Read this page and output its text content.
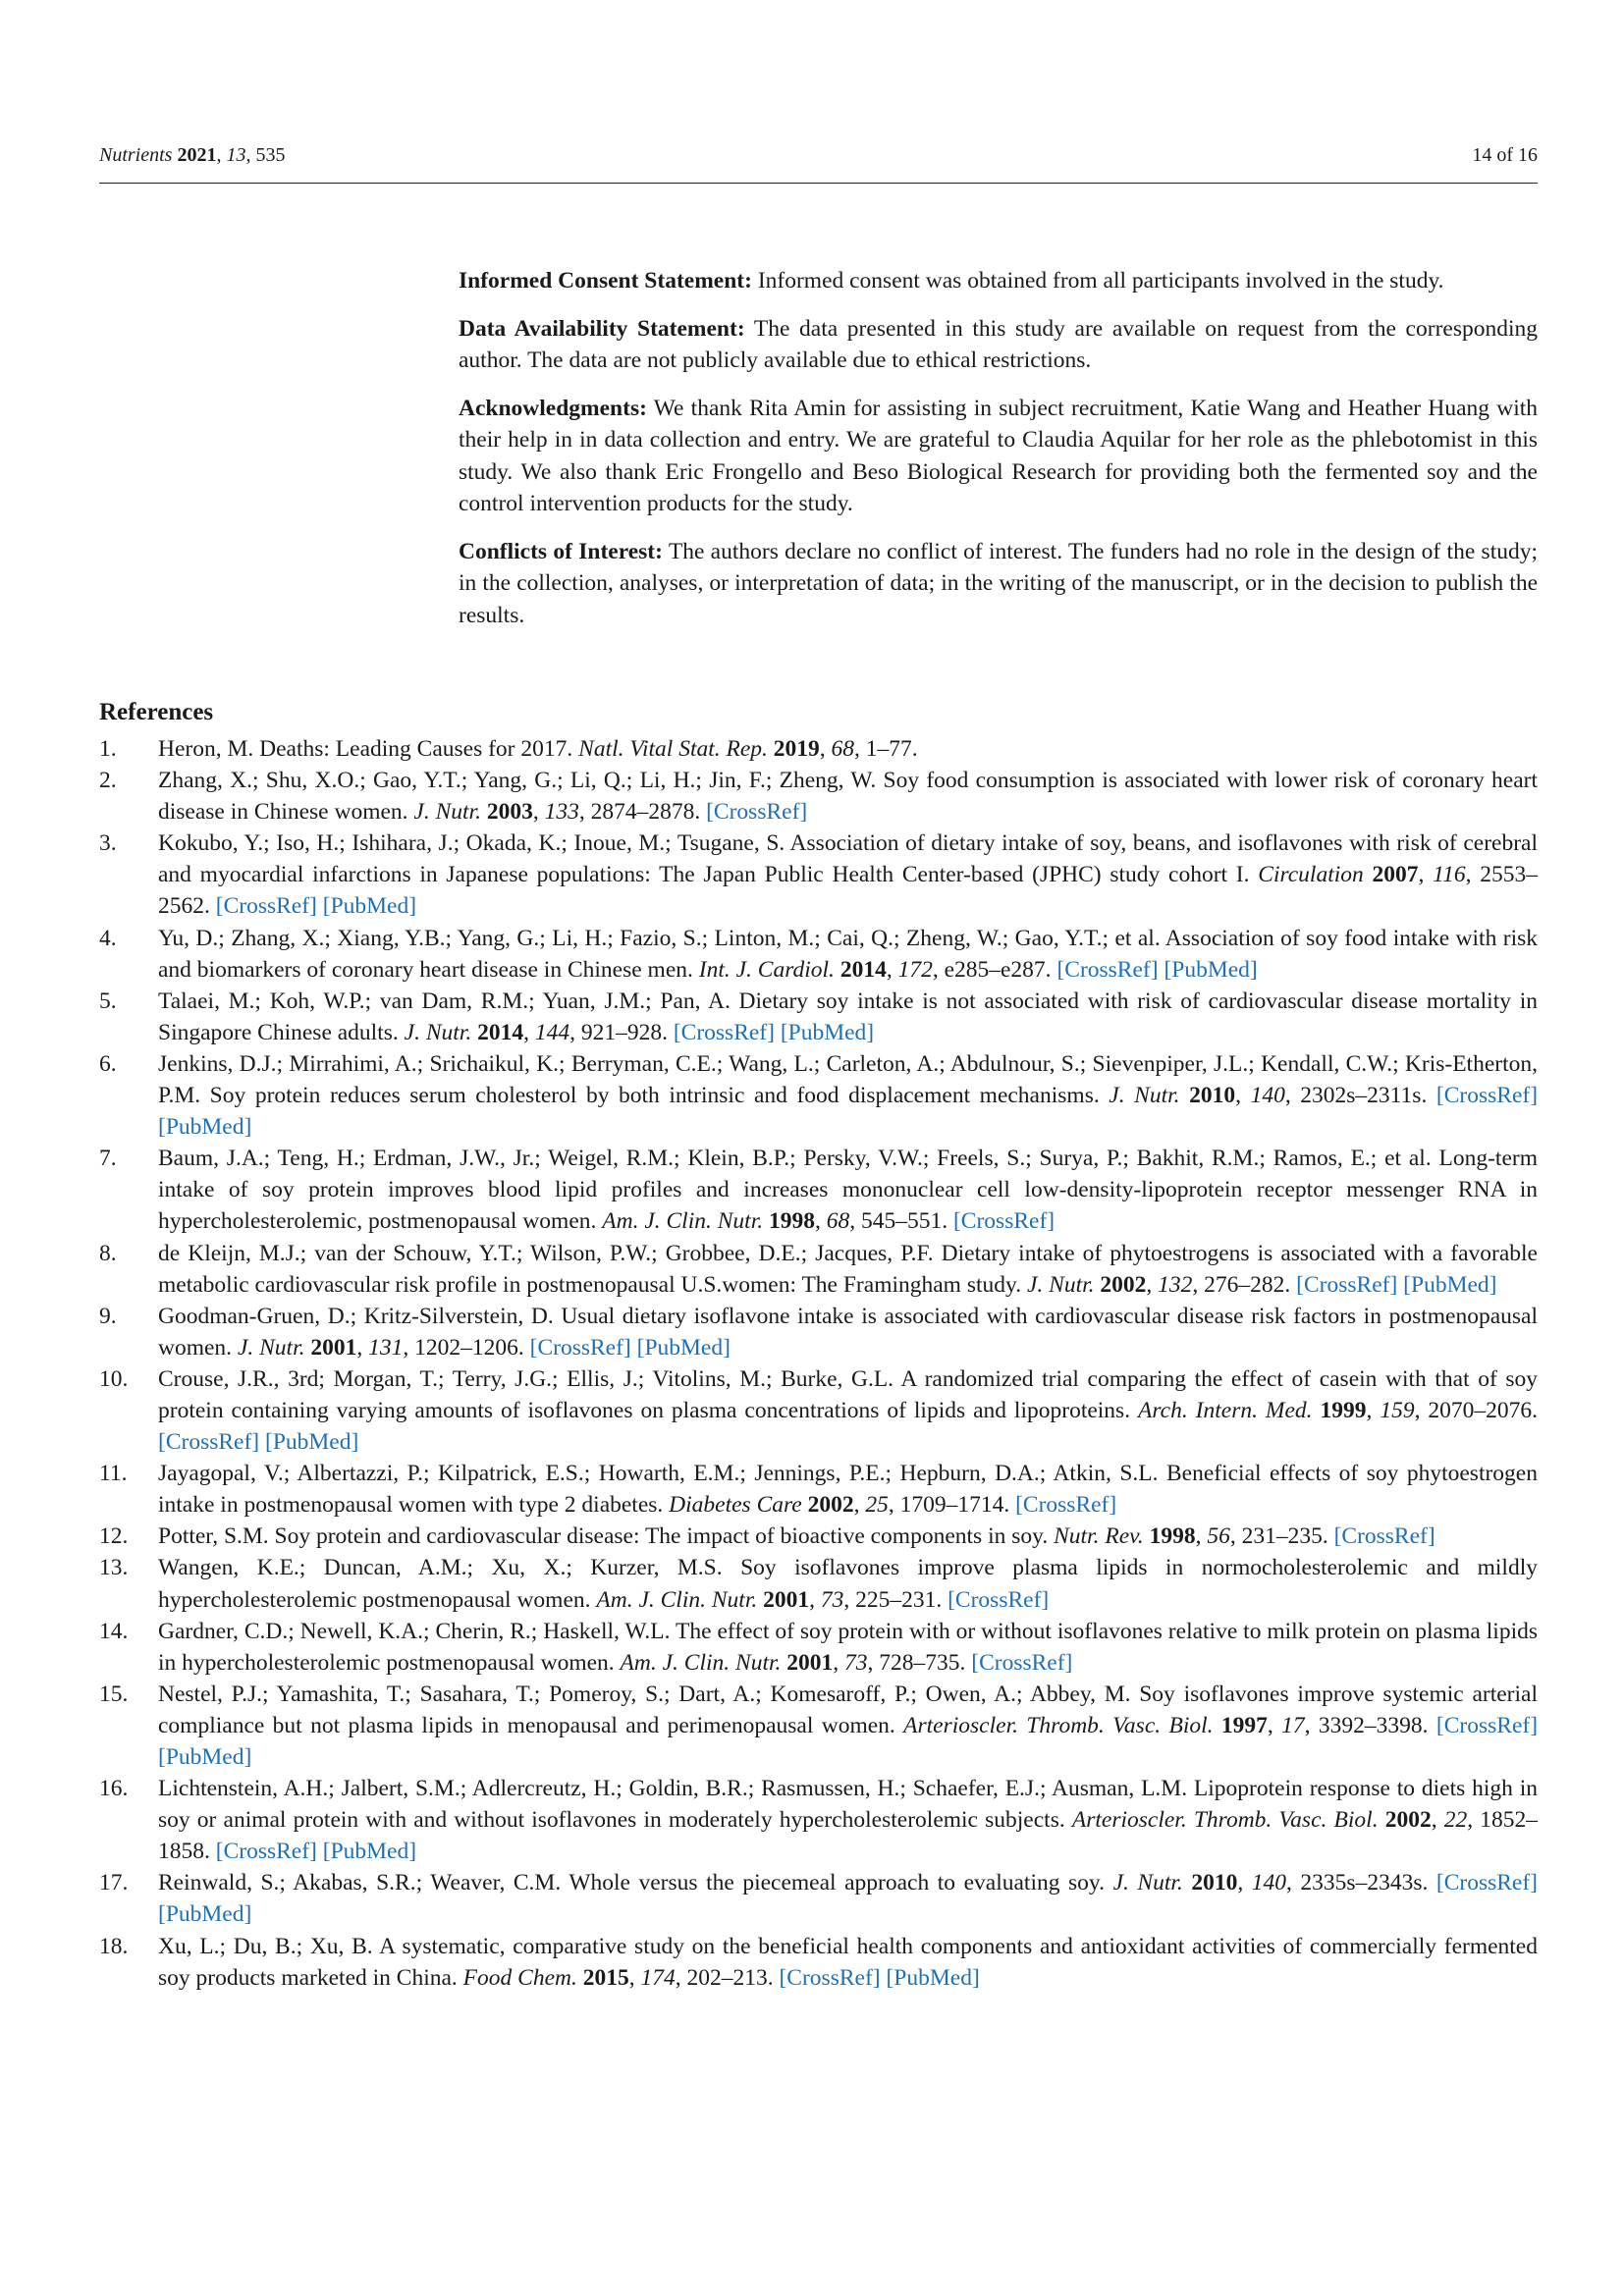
Nutrients 2021, 13, 535	14 of 16

Informed Consent Statement: Informed consent was obtained from all participants involved in the study.

Data Availability Statement: The data presented in this study are available on request from the corresponding author. The data are not publicly available due to ethical restrictions.

Acknowledgments: We thank Rita Amin for assisting in subject recruitment, Katie Wang and Heather Huang with their help in in data collection and entry. We are grateful to Claudia Aquilar for her role as the phlebotomist in this study. We also thank Eric Frongello and Beso Biological Research for providing both the fermented soy and the control intervention products for the study.

Conflicts of Interest: The authors declare no conflict of interest. The funders had no role in the design of the study; in the collection, analyses, or interpretation of data; in the writing of the manuscript, or in the decision to publish the results.

References
1.	Heron, M. Deaths: Leading Causes for 2017. Natl. Vital Stat. Rep. 2019, 68, 1–77.
2.	Zhang, X.; Shu, X.O.; Gao, Y.T.; Yang, G.; Li, Q.; Li, H.; Jin, F.; Zheng, W. Soy food consumption is associated with lower risk of coronary heart disease in Chinese women. J. Nutr. 2003, 133, 2874–2878. [CrossRef]
3.	Kokubo, Y.; Iso, H.; Ishihara, J.; Okada, K.; Inoue, M.; Tsugane, S. Association of dietary intake of soy, beans, and isoflavones with risk of cerebral and myocardial infarctions in Japanese populations: The Japan Public Health Center-based (JPHC) study cohort I. Circulation 2007, 116, 2553–2562. [CrossRef] [PubMed]
4.	Yu, D.; Zhang, X.; Xiang, Y.B.; Yang, G.; Li, H.; Fazio, S.; Linton, M.; Cai, Q.; Zheng, W.; Gao, Y.T.; et al. Association of soy food intake with risk and biomarkers of coronary heart disease in Chinese men. Int. J. Cardiol. 2014, 172, e285–e287. [CrossRef] [PubMed]
5.	Talaei, M.; Koh, W.P.; van Dam, R.M.; Yuan, J.M.; Pan, A. Dietary soy intake is not associated with risk of cardiovascular disease mortality in Singapore Chinese adults. J. Nutr. 2014, 144, 921–928. [CrossRef] [PubMed]
6.	Jenkins, D.J.; Mirrahimi, A.; Srichaikul, K.; Berryman, C.E.; Wang, L.; Carleton, A.; Abdulnour, S.; Sievenpiper, J.L.; Kendall, C.W.; Kris-Etherton, P.M. Soy protein reduces serum cholesterol by both intrinsic and food displacement mechanisms. J. Nutr. 2010, 140, 2302s–2311s. [CrossRef] [PubMed]
7.	Baum, J.A.; Teng, H.; Erdman, J.W., Jr.; Weigel, R.M.; Klein, B.P.; Persky, V.W.; Freels, S.; Surya, P.; Bakhit, R.M.; Ramos, E.; et al. Long-term intake of soy protein improves blood lipid profiles and increases mononuclear cell low-density-lipoprotein receptor messenger RNA in hypercholesterolemic, postmenopausal women. Am. J. Clin. Nutr. 1998, 68, 545–551. [CrossRef]
8.	de Kleijn, M.J.; van der Schouw, Y.T.; Wilson, P.W.; Grobbee, D.E.; Jacques, P.F. Dietary intake of phytoestrogens is associated with a favorable metabolic cardiovascular risk profile in postmenopausal U.S.women: The Framingham study. J. Nutr. 2002, 132, 276–282. [CrossRef] [PubMed]
9.	Goodman-Gruen, D.; Kritz-Silverstein, D. Usual dietary isoflavone intake is associated with cardiovascular disease risk factors in postmenopausal women. J. Nutr. 2001, 131, 1202–1206. [CrossRef] [PubMed]
10.	Crouse, J.R., 3rd; Morgan, T.; Terry, J.G.; Ellis, J.; Vitolins, M.; Burke, G.L. A randomized trial comparing the effect of casein with that of soy protein containing varying amounts of isoflavones on plasma concentrations of lipids and lipoproteins. Arch. Intern. Med. 1999, 159, 2070–2076. [CrossRef] [PubMed]
11.	Jayagopal, V.; Albertazzi, P.; Kilpatrick, E.S.; Howarth, E.M.; Jennings, P.E.; Hepburn, D.A.; Atkin, S.L. Beneficial effects of soy phytoestrogen intake in postmenopausal women with type 2 diabetes. Diabetes Care 2002, 25, 1709–1714. [CrossRef]
12.	Potter, S.M. Soy protein and cardiovascular disease: The impact of bioactive components in soy. Nutr. Rev. 1998, 56, 231–235. [CrossRef]
13.	Wangen, K.E.; Duncan, A.M.; Xu, X.; Kurzer, M.S. Soy isoflavones improve plasma lipids in normocholesterolemic and mildly hypercholesterolemic postmenopausal women. Am. J. Clin. Nutr. 2001, 73, 225–231. [CrossRef]
14.	Gardner, C.D.; Newell, K.A.; Cherin, R.; Haskell, W.L. The effect of soy protein with or without isoflavones relative to milk protein on plasma lipids in hypercholesterolemic postmenopausal women. Am. J. Clin. Nutr. 2001, 73, 728–735. [CrossRef]
15.	Nestel, P.J.; Yamashita, T.; Sasahara, T.; Pomeroy, S.; Dart, A.; Komesaroff, P.; Owen, A.; Abbey, M. Soy isoflavones improve systemic arterial compliance but not plasma lipids in menopausal and perimenopausal women. Arterioscler. Thromb. Vasc. Biol. 1997, 17, 3392–3398. [CrossRef] [PubMed]
16.	Lichtenstein, A.H.; Jalbert, S.M.; Adlercreutz, H.; Goldin, B.R.; Rasmussen, H.; Schaefer, E.J.; Ausman, L.M. Lipoprotein response to diets high in soy or animal protein with and without isoflavones in moderately hypercholesterolemic subjects. Arterioscler. Thromb. Vasc. Biol. 2002, 22, 1852–1858. [CrossRef] [PubMed]
17.	Reinwald, S.; Akabas, S.R.; Weaver, C.M. Whole versus the piecemeal approach to evaluating soy. J. Nutr. 2010, 140, 2335s–2343s. [CrossRef] [PubMed]
18.	Xu, L.; Du, B.; Xu, B. A systematic, comparative study on the beneficial health components and antioxidant activities of commercially fermented soy products marketed in China. Food Chem. 2015, 174, 202–213. [CrossRef] [PubMed]
